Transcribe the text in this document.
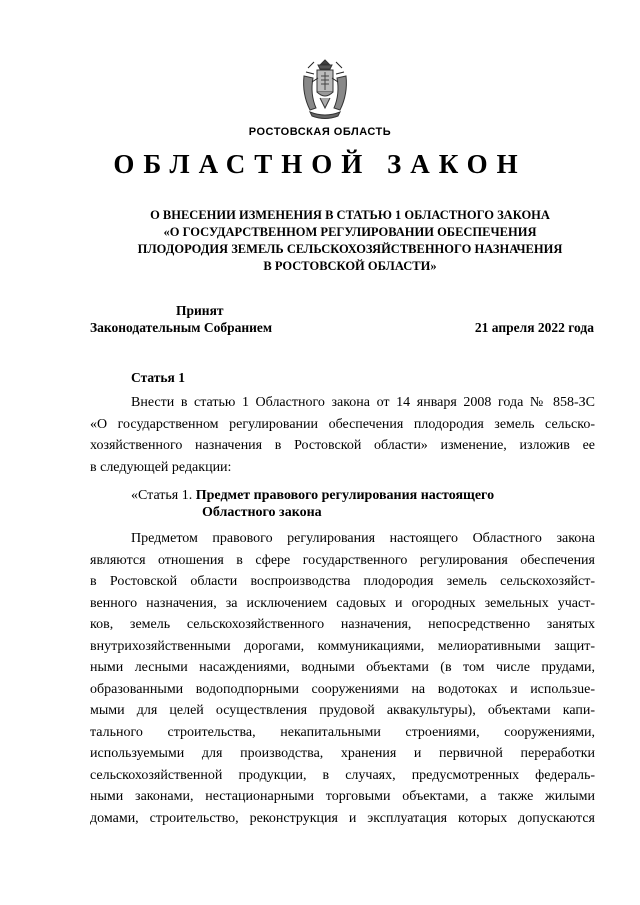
РОСТОВСКАЯ ОБЛАСТЬ
ОБЛАСТНОЙ ЗАКОН
О ВНЕСЕНИИ ИЗМЕНЕНИЯ В СТАТЬЮ 1 ОБЛАСТНОГО ЗАКОНА
«О ГОСУДАРСТВЕННОМ РЕГУЛИРОВАНИИ ОБЕСПЕЧЕНИЯ
ПЛОДОРОДИЯ ЗЕМЕЛЬ СЕЛЬСКОХОЗЯЙСТВЕННОГО НАЗНАЧЕНИЯ
В РОСТОВСКОЙ ОБЛАСТИ»
Принят
Законодательным Собранием	21 апреля 2022 года
Статья 1
Внести в статью 1 Областного закона от 14 января 2008 года № 858-ЗС
«О государственном регулировании обеспечения плодородия земель сельско-
хозяйственного назначения в Ростовской области» изменение, изложив ее
в следующей редакции:
«Статья 1. Предмет правового регулирования настоящего
Областного закона
Предметом правового регулирования настоящего Областного закона
являются отношения в сфере государственного регулирования обеспечения
в Ростовской области воспроизводства плодородия земель сельскохозяйст-
венного назначения, за исключением садовых и огородных земельных участ-
ков, земель сельскохозяйственного назначения, непосредственно занятых
внутрихозяйственными дорогами, коммуникациями, мелиоративными защит-
ными лесными насаждениями, водными объектами (в том числе прудами,
образованными водоподпорными сооружениями на водотоках и использue-
мыми для целей осуществления прудовой аквакультуры), объектами капи-
тального строительства, некапитальными строениями, сооружениями,
используемыми для производства, хранения и первичной переработки
сельскохозяйственной продукции, в случаях, предусмотренных федераль-
ными законами, нестационарными торговыми объектами, а также жилыми
домами, строительство, реконструкция и эксплуатация которых допускаются
